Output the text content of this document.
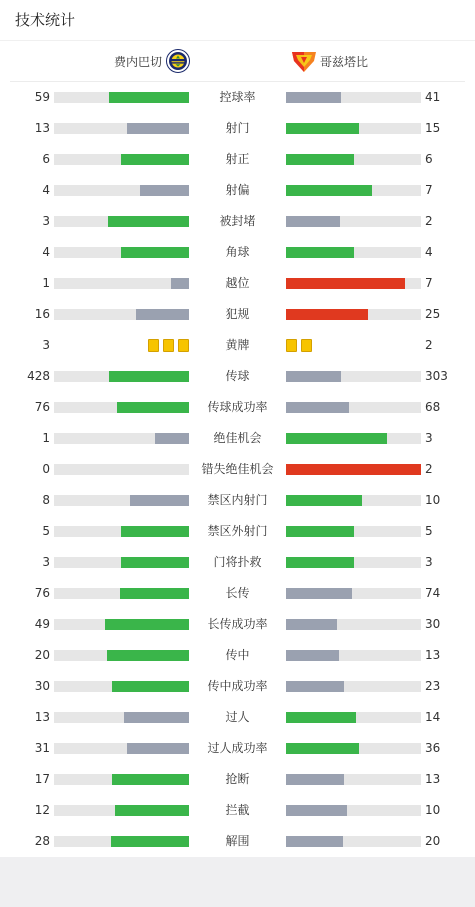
技术统计
费内巴切	哥兹塔比
59	控球率	41
13	射门	15
6	射正	6
4	射偏	7
3	被封堵	2
4	角球	4
1	越位	7
16	犯规	25
3	黄牌	2
428	传球	303
76	传球成功率	68
1	绝佳机会	3
0	错失绝佳机会	2
8	禁区内射门	10
5	禁区外射门	5
3	门将扑救	3
76	长传	74
49	长传成功率	30
20	传中	13
30	传中成功率	23
13	过人	14
31	过人成功率	36
17	抢断	13
12	拦截	10
28	解围	20
